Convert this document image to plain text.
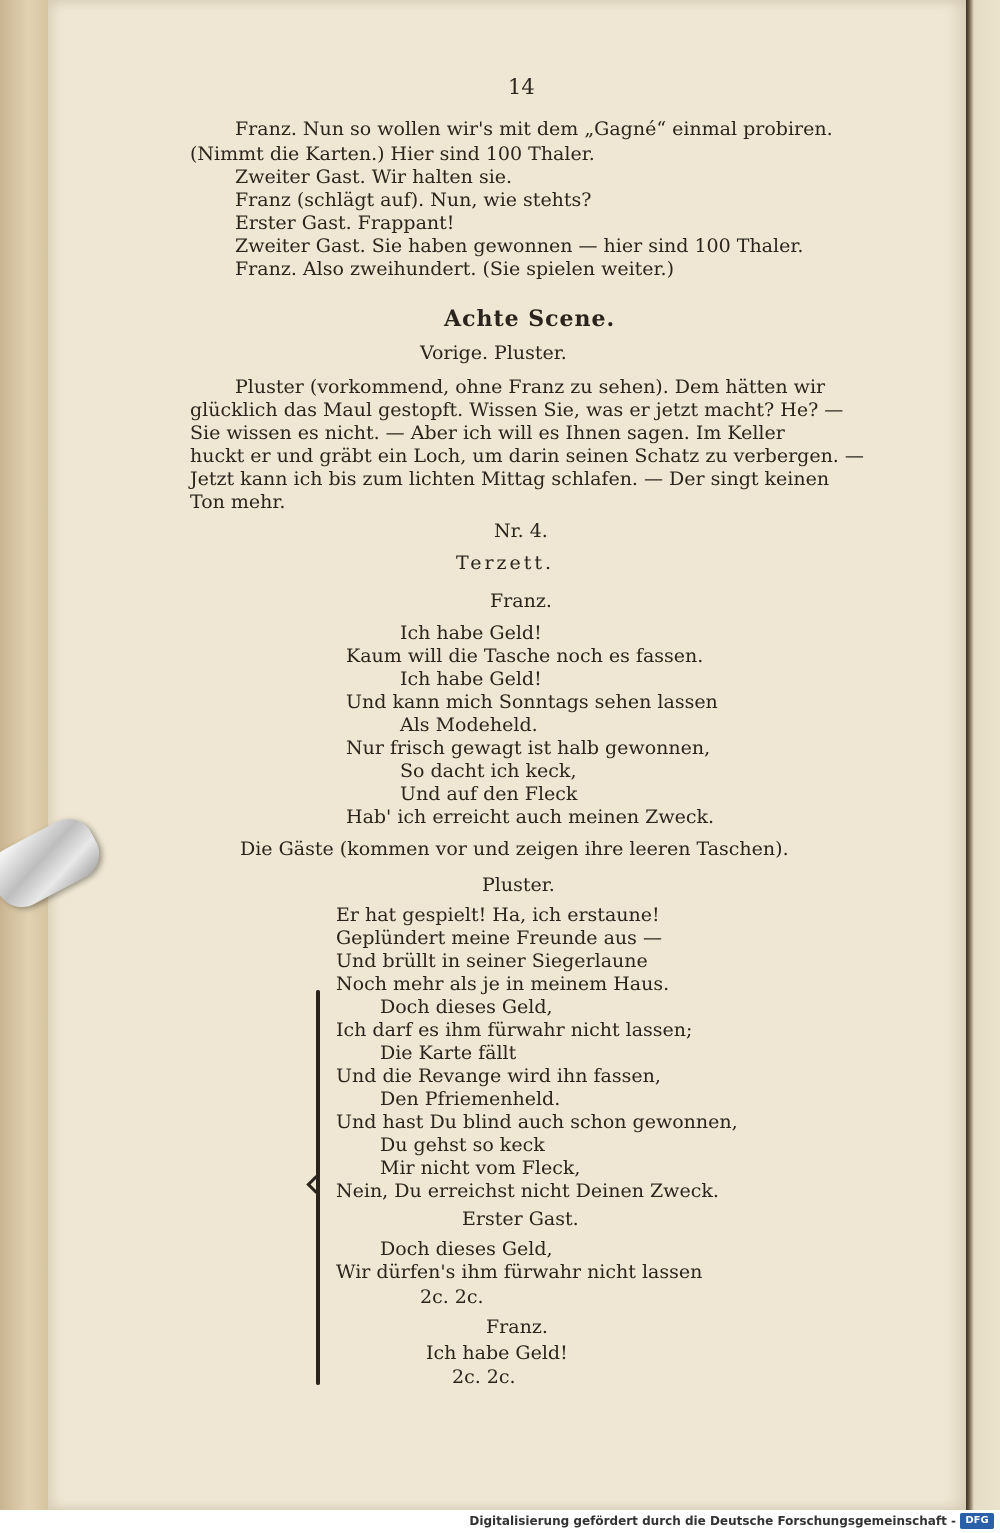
14
Franz. Nun so wollen wir's mit dem „Gagné“ einmal probiren.
(Nimmt die Karten.) Hier sind 100 Thaler.
Zweiter Gast. Wir halten sie.
Franz (schlägt auf). Nun, wie stehts?
Erster Gast. Frappant!
Zweiter Gast. Sie haben gewonnen — hier sind 100 Thaler.
Franz. Also zweihundert. (Sie spielen weiter.)
Achte Scene.
Vorige. Pluster.
Pluster (vorkommend, ohne Franz zu sehen). Dem hätten wir
glücklich das Maul gestopft. Wissen Sie, was er jetzt macht? He? —
Sie wissen es nicht. — Aber ich will es Ihnen sagen. Im Keller
huckt er und gräbt ein Loch, um darin seinen Schatz zu verbergen. —
Jetzt kann ich bis zum lichten Mittag schlafen. — Der singt keinen
Ton mehr.
Nr. 4.
Terzett.
Franz.
Ich habe Geld!
Kaum will die Tasche noch es fassen.
Ich habe Geld!
Und kann mich Sonntags sehen lassen
Als Modeheld.
Nur frisch gewagt ist halb gewonnen,
So dacht ich keck,
Und auf den Fleck
Hab' ich erreicht auch meinen Zweck.
Die Gäste (kommen vor und zeigen ihre leeren Taschen).
Pluster.
Er hat gespielt! Ha, ich erstaune!
Geplündert meine Freunde aus —
Und brüllt in seiner Siegerlaune
Noch mehr als je in meinem Haus.
Doch dieses Geld,
Ich darf es ihm fürwahr nicht lassen;
Die Karte fällt
Und die Revange wird ihn fassen,
Den Pfriemenheld.
Und hast Du blind auch schon gewonnen,
Du gehst so keck
Mir nicht vom Fleck,
Nein, Du erreichst nicht Deinen Zweck.
Erster Gast.
Doch dieses Geld,
Wir dürfen's ihm fürwahr nicht lassen
2c. 2c.
Franz.
Ich habe Geld!
2c. 2c.
Digitalisierung gefördert durch die Deutsche Forschungsgemeinschaft - DFG
